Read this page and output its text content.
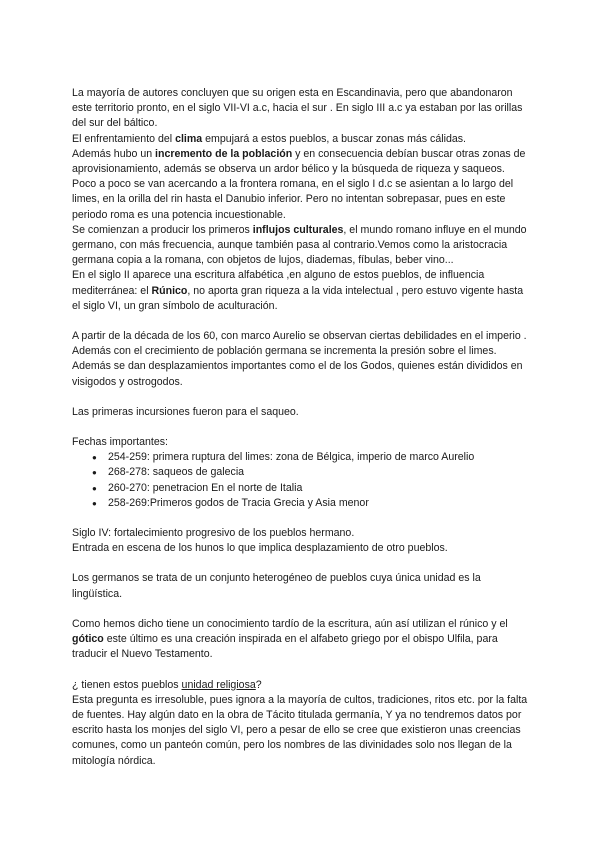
La mayoría de autores concluyen que su origen esta en Escandinavia, pero que abandonaron este territorio pronto, en el siglo VII-VI a.c, hacia el sur . En siglo III a.c ya estaban por las orillas del sur del báltico.

El enfrentamiento del clima empujará a estos pueblos, a buscar zonas más cálidas.

Además hubo un incremento de la población y en consecuencia debían buscar otras zonas de aprovisionamiento, además se observa un ardor bélico y la búsqueda de riqueza y saqueos.

Poco a poco se van acercando a la frontera romana, en el siglo I d.c se asientan a lo largo del limes, en la orilla del rin hasta el Danubio inferior. Pero no intentan sobrepasar, pues en este periodo roma es una potencia incuestionable.

Se comienzan a producir los primeros influjos culturales, el mundo romano influye en el mundo germano, con más frecuencia, aunque también pasa al contrario.Vemos como la aristocracia germana copia a la romana, con objetos de lujos, diademas, fíbulas, beber vino...

En el siglo II aparece una escritura alfabética ,en alguno de estos pueblos, de influencia mediterránea: el Rúnico, no aporta gran riqueza a la vida intelectual , pero estuvo vigente hasta el siglo VI, un gran símbolo de aculturación.

A partir de la década de los 60, con marco Aurelio se observan ciertas debilidades en el imperio . Además con el crecimiento de población germana se incrementa la presión sobre el limes. Además se dan desplazamientos importantes como el de los Godos, quienes están divididos en visigodos y ostrogodos.

Las primeras incursiones fueron para el saqueo.

Fechas importantes:

● 254-259: primera ruptura del limes: zona de Bélgica, imperio de marco Aurelio
● 268-278: saqueos de galecia
● 260-270: penetracion En el norte de Italia
● 258-269:Primeros godos de Tracia Grecia y Asia menor

Siglo IV: fortalecimiento progresivo de los pueblos hermano.

Entrada en escena de los hunos lo que implica desplazamiento de otro pueblos.

Los germanos se trata de un conjunto heterogéneo de pueblos cuya única unidad es la lingüística.

Como hemos dicho tiene un conocimiento tardío de la escritura, aún así utilizan el rúnico y el gótico este último es una creación inspirada en el alfabeto griego por el obispo Ulfila, para traducir el Nuevo Testamento.

¿ tienen estos pueblos unidad religiosa?

Esta pregunta es irresoluble, pues ignora a la mayoría de cultos, tradiciones, ritos etc. por la falta de fuentes. Hay algún dato en la obra de Tácito titulada germanía, Y ya no tendremos datos por escrito hasta los monjes del siglo VI, pero a pesar de ello se cree que existieron unas creencias comunes, como un panteón común, pero los nombres de las divinidades solo nos llegan de la mitología nórdica.
